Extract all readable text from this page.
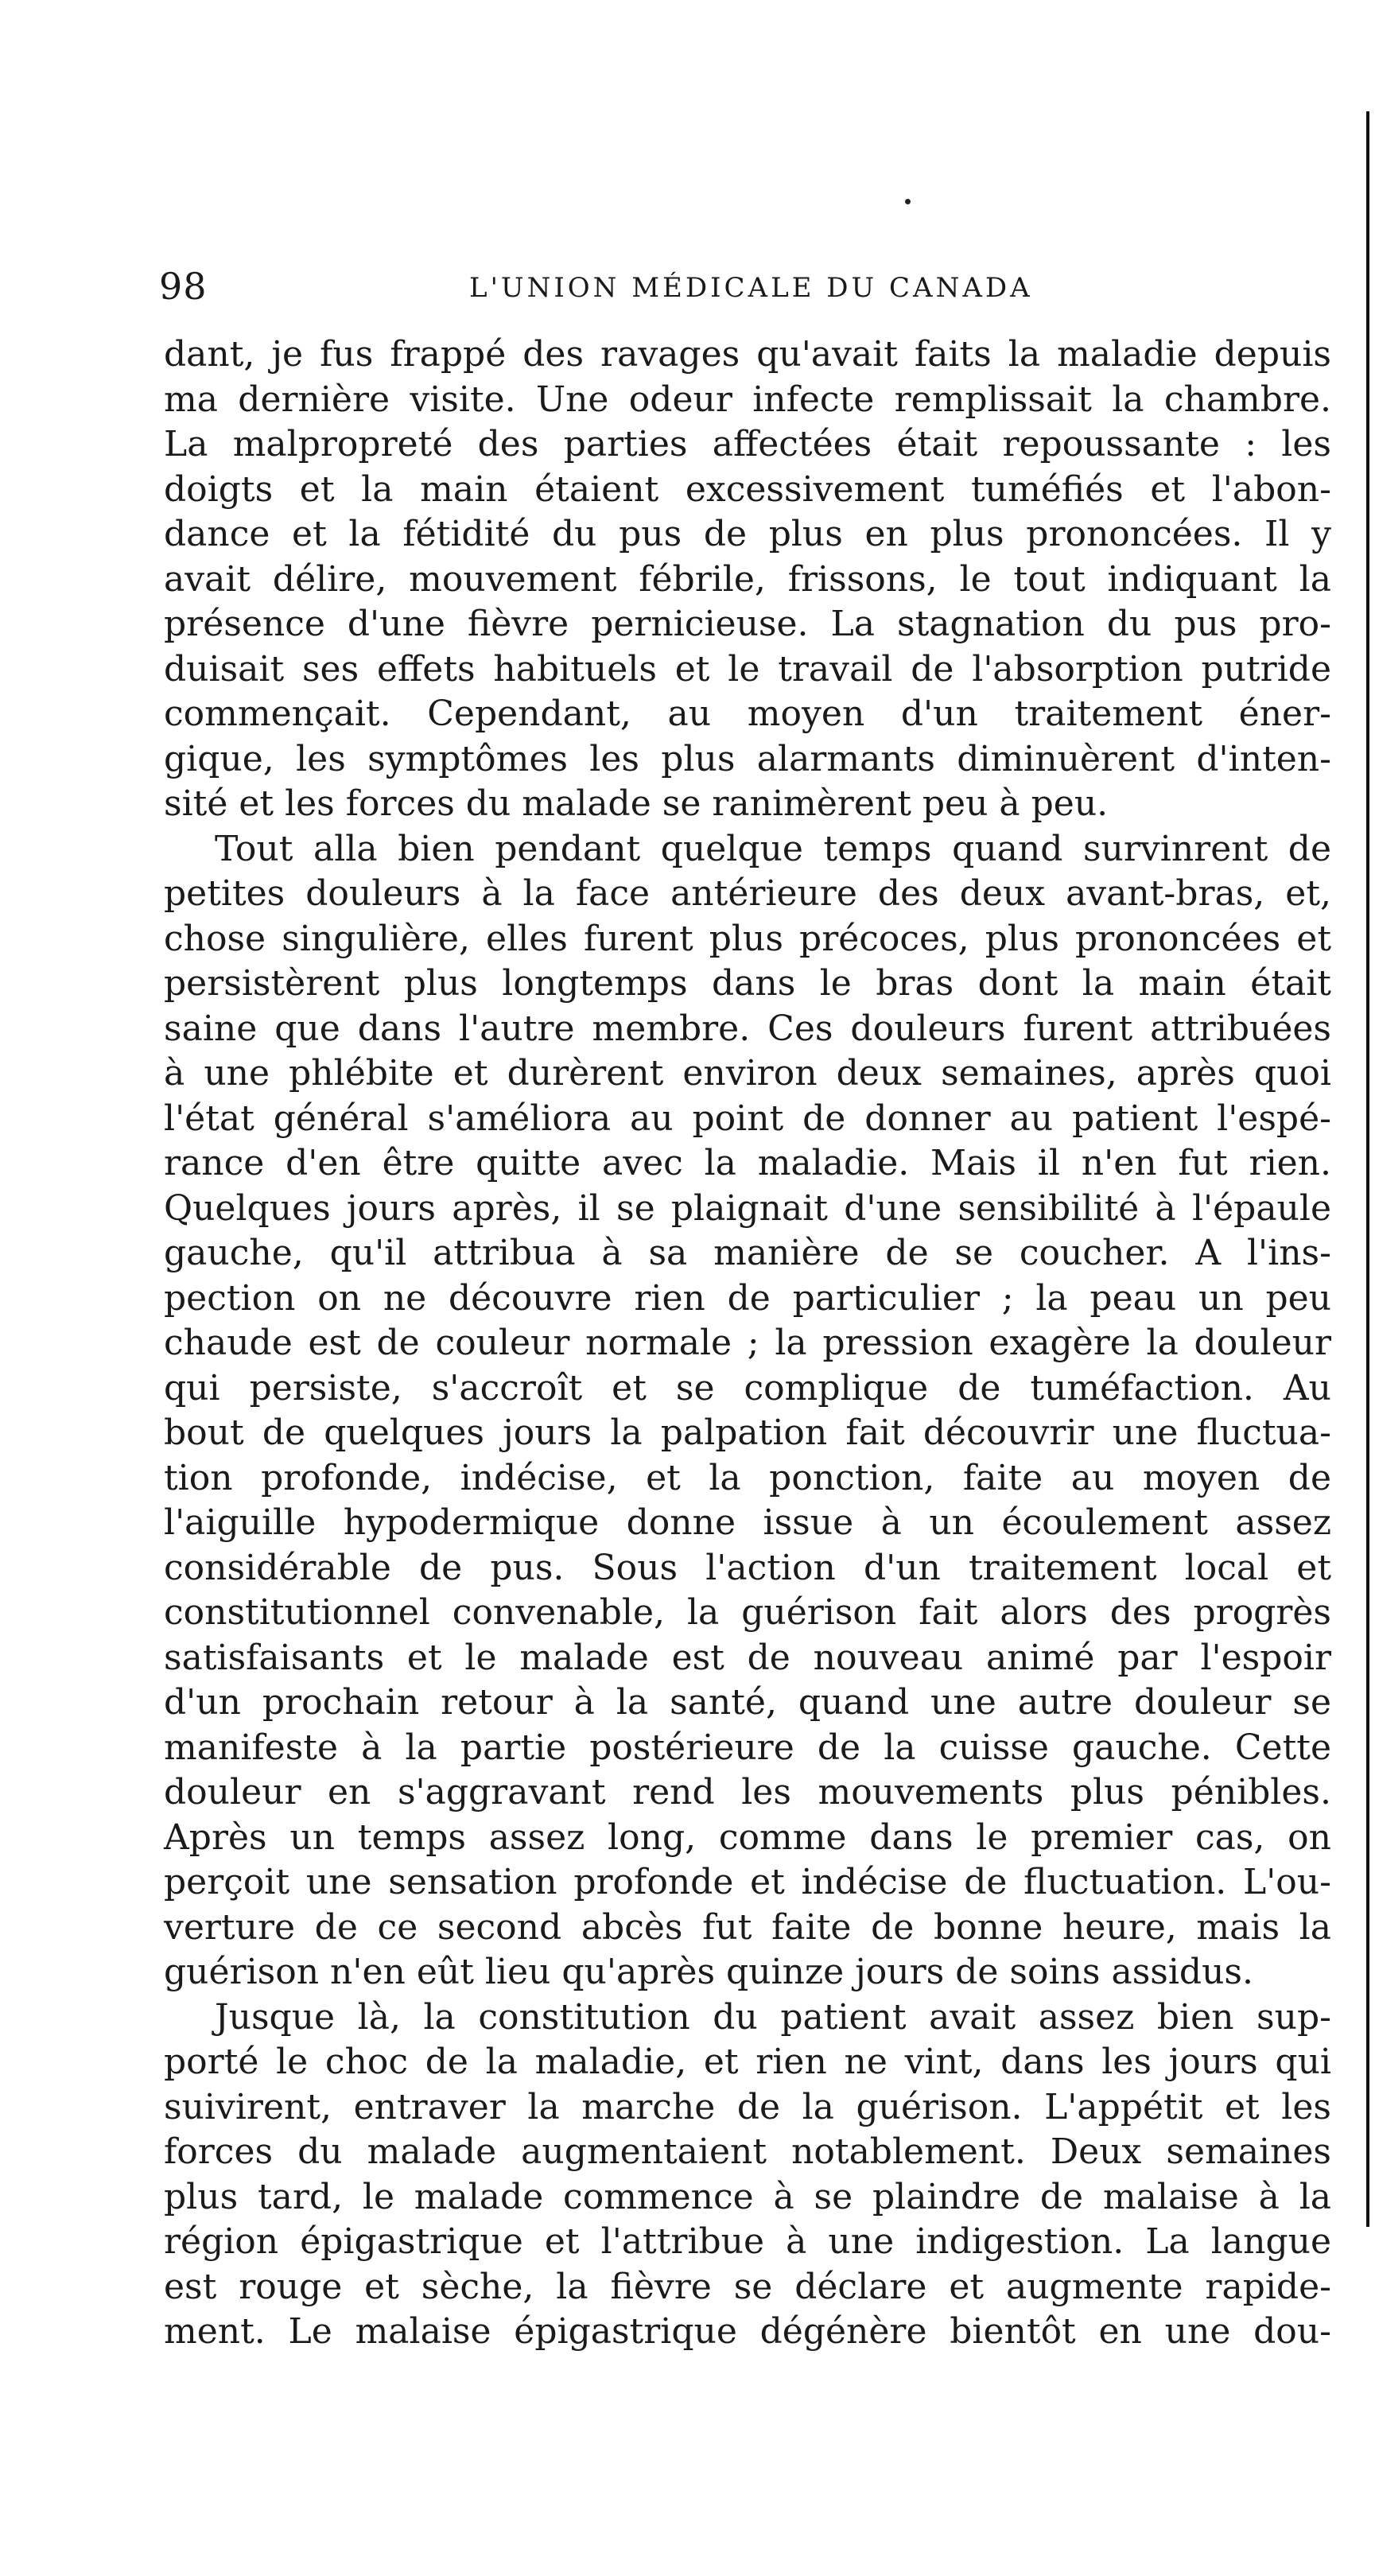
98	L'UNION MÉDICALE DU CANADA
dant, je fus frappé des ravages qu'avait faits la maladie depuis
ma dernière visite. Une odeur infecte remplissait la chambre.
La malpropreté des parties affectées était repoussante : les
doigts et la main étaient excessivement tuméfiés et l'abon-
dance et la fétidité du pus de plus en plus prononcées. Il y
avait délire, mouvement fébrile, frissons, le tout indiquant la
présence d'une fièvre pernicieuse. La stagnation du pus pro-
duisait ses effets habituels et le travail de l'absorption putride
commençait. Cependant, au moyen d'un traitement éner-
gique, les symptômes les plus alarmants diminuèrent d'inten-
sité et les forces du malade se ranimèrent peu à peu.
Tout alla bien pendant quelque temps quand survinrent de
petites douleurs à la face antérieure des deux avant-bras, et,
chose singulière, elles furent plus précoces, plus prononcées et
persistèrent plus longtemps dans le bras dont la main était
saine que dans l'autre membre. Ces douleurs furent attribuées
à une phlébite et durèrent environ deux semaines, après quoi
l'état général s'améliora au point de donner au patient l'espé-
rance d'en être quitte avec la maladie. Mais il n'en fut rien.
Quelques jours après, il se plaignait d'une sensibilité à l'épaule
gauche, qu'il attribua à sa manière de se coucher. A l'ins-
pection on ne découvre rien de particulier ; la peau un peu
chaude est de couleur normale ; la pression exagère la douleur
qui persiste, s'accroît et se complique de tuméfaction. Au
bout de quelques jours la palpation fait découvrir une fluctua-
tion profonde, indécise, et la ponction, faite au moyen de
l'aiguille hypodermique donne issue à un écoulement assez
considérable de pus. Sous l'action d'un traitement local et
constitutionnel convenable, la guérison fait alors des progrès
satisfaisants et le malade est de nouveau animé par l'espoir
d'un prochain retour à la santé, quand une autre douleur se
manifeste à la partie postérieure de la cuisse gauche. Cette
douleur en s'aggravant rend les mouvements plus pénibles.
Après un temps assez long, comme dans le premier cas, on
perçoit une sensation profonde et indécise de fluctuation. L'ou-
verture de ce second abcès fut faite de bonne heure, mais la
guérison n'en eût lieu qu'après quinze jours de soins assidus.
Jusque là, la constitution du patient avait assez bien sup-
porté le choc de la maladie, et rien ne vint, dans les jours qui
suivirent, entraver la marche de la guérison. L'appétit et les
forces du malade augmentaient notablement. Deux semaines
plus tard, le malade commence à se plaindre de malaise à la
région épigastrique et l'attribue à une indigestion. La langue
est rouge et sèche, la fièvre se déclare et augmente rapide-
ment. Le malaise épigastrique dégénère bientôt en une dou-
